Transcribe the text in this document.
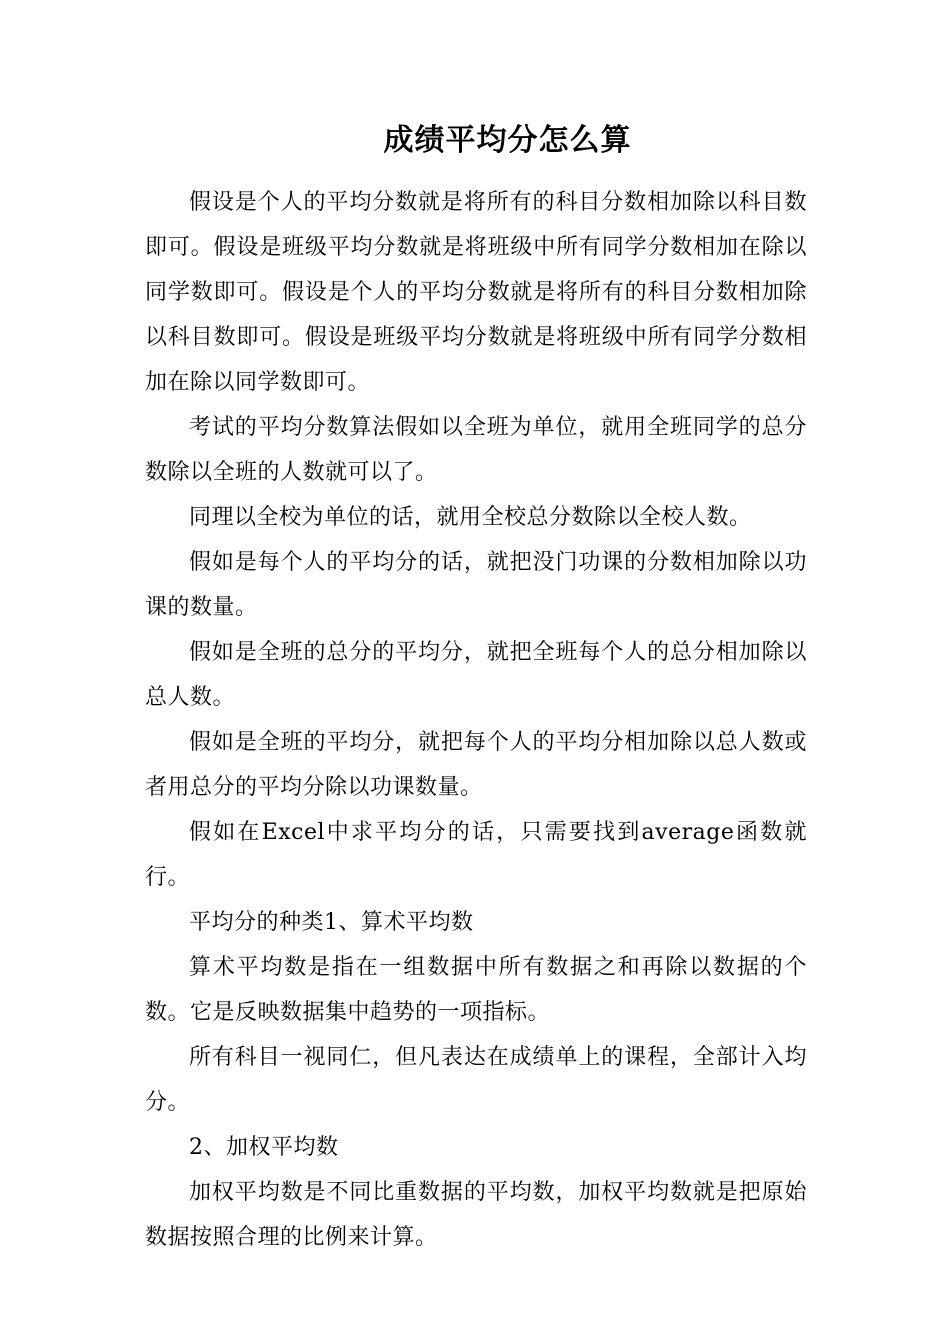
成绩平均分怎么算

假设是个人的平均分数就是将所有的科目分数相加除以科目数即可。假设是班级平均分数就是将班级中所有同学分数相加在除以同学数即可。假设是个人的平均分数就是将所有的科目分数相加除以科目数即可。假设是班级平均分数就是将班级中所有同学分数相加在除以同学数即可。

考试的平均分数算法假如以全班为单位，就用全班同学的总分数除以全班的人数就可以了。

同理以全校为单位的话，就用全校总分数除以全校人数。

假如是每个人的平均分的话，就把没门功课的分数相加除以功课的数量。

假如是全班的总分的平均分，就把全班每个人的总分相加除以总人数。

假如是全班的平均分，就把每个人的平均分相加除以总人数或者用总分的平均分除以功课数量。

假如在Excel中求平均分的话，只需要找到average函数就行。

平均分的种类1、算术平均数

算术平均数是指在一组数据中所有数据之和再除以数据的个数。它是反映数据集中趋势的一项指标。

所有科目一视同仁，但凡表达在成绩单上的课程，全部计入均分。

2、加权平均数

加权平均数是不同比重数据的平均数，加权平均数就是把原始数据按照合理的比例来计算。
